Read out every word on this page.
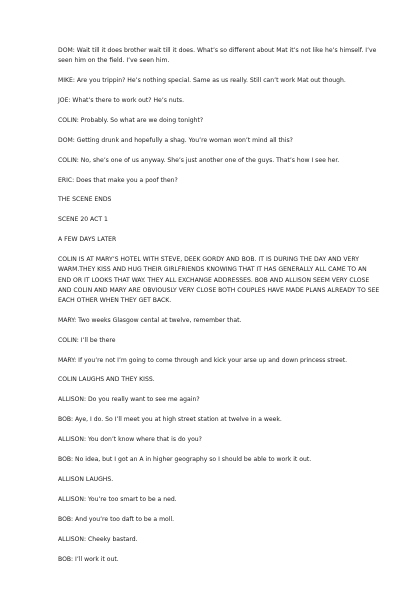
DOM: Wait till it does brother wait till it does. What’s so different about Mat it’s not like he’s himself. I’ve seen him on the field. I’ve seen him.

MIKE: Are you trippin? He’s nothing special. Same as us really. Still can’t work Mat out though.

JOE: What’s there to work out? He’s nuts.

COLIN: Probably. So what are we doing tonight?

DOM: Getting drunk and hopefully a shag. You’re woman won’t mind all this?

COLIN: No, she’s one of us anyway. She’s just another one of the guys. That’s how I see her.

ERIC: Does that make you a poof then?

THE SCENE ENDS

SCENE 20 ACT 1

A FEW DAYS LATER

COLIN IS AT MARY’S HOTEL WITH STEVE, DEEK GORDY AND BOB. IT IS DURING THE DAY AND VERY WARM.THEY KISS AND HUG THEIR GIRLFRIENDS KNOWING THAT IT HAS GENERALLY ALL CAME TO AN END OR IT LOOKS THAT WAY. THEY ALL EXCHANGE ADDRESSES. BOB AND ALLISON SEEM VERY CLOSE AND COLIN AND MARY ARE OBVIOUSLY VERY CLOSE BOTH COUPLES HAVE MADE PLANS ALREADY TO SEE EACH OTHER WHEN THEY GET BACK.

MARY: Two weeks Glasgow cental at twelve, remember that.

COLIN: I’ll be there

MARY: If you’re not I’m going to come through and kick your arse up and down princess street.

COLIN LAUGHS AND THEY KISS.

ALLISON: Do you really want to see me again?

BOB: Aye, I do. So I’ll meet you at high street station at twelve in a week.

ALLISON: You don’t know where that is do you?

BOB: No idea, but I got an A in higher geography so I should be able to work it out.

ALLISON LAUGHS.

ALLISON: You’re too smart to be a ned.

BOB: And you’re too daft to be a moll.

ALLISON: Cheeky bastard.

BOB: I’ll work it out.
